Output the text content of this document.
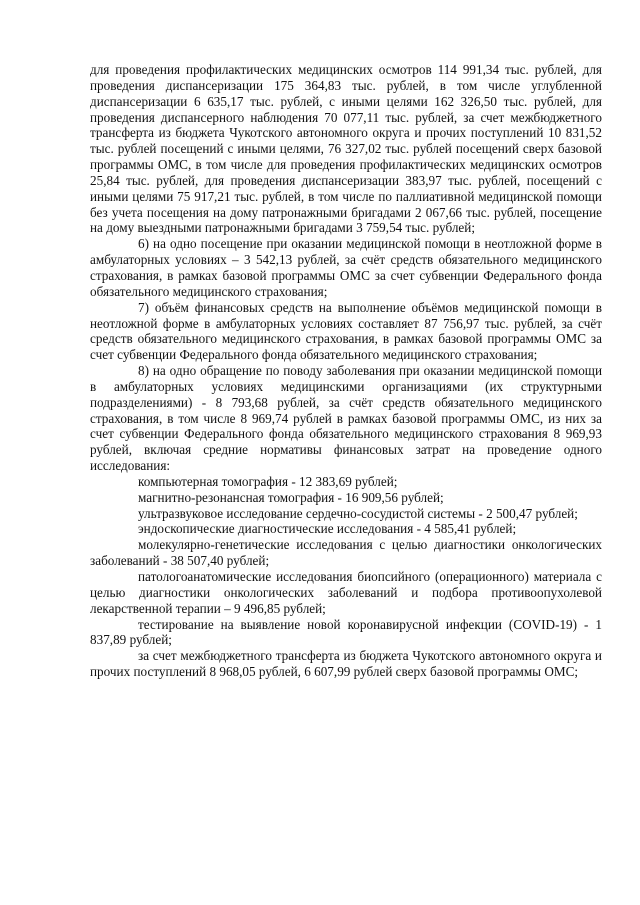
для проведения профилактических медицинских осмотров 114 991,34 тыс. рублей, для проведения диспансеризации 175 364,83 тыс. рублей, в том числе углубленной диспансеризации 6 635,17 тыс. рублей, с иными целями 162 326,50 тыс. рублей, для проведения диспансерного наблюдения 70 077,11 тыс. рублей, за счет межбюджетного трансферта из бюджета Чукотского автономного округа и прочих поступлений 10 831,52 тыс. рублей посещений с иными целями, 76 327,02 тыс. рублей посещений сверх базовой программы ОМС, в том числе для проведения профилактических медицинских осмотров 25,84 тыс. рублей, для проведения диспансеризации 383,97 тыс. рублей, посещений с иными целями 75 917,21 тыс. рублей, в том числе по паллиативной медицинской помощи без учета посещения на дому патронажными бригадами 2 067,66 тыс. рублей, посещение на дому выездными патронажными бригадами 3 759,54 тыс. рублей;

6) на одно посещение при оказании медицинской помощи в неотложной форме в амбулаторных условиях – 3 542,13 рублей, за счёт средств обязательного медицинского страхования, в рамках базовой программы ОМС за счет субвенции Федерального фонда обязательного медицинского страхования;

7) объём финансовых средств на выполнение объёмов медицинской помощи в неотложной форме в амбулаторных условиях составляет 87 756,97 тыс. рублей, за счёт средств обязательного медицинского страхования, в рамках базовой программы ОМС за счет субвенции Федерального фонда обязательного медицинского страхования;

8) на одно обращение по поводу заболевания при оказании медицинской помощи в амбулаторных условиях медицинскими организациями (их структурными подразделениями) - 8 793,68 рублей, за счёт средств обязательного медицинского страхования, в том числе 8 969,74 рублей в рамках базовой программы ОМС, из них за счет субвенции Федерального фонда обязательного медицинского страхования 8 969,93 рублей, включая средние нормативы финансовых затрат на проведение одного исследования:

компьютерная томография - 12 383,69 рублей;

магнитно-резонансная томография - 16 909,56 рублей;

ультразвуковое исследование сердечно-сосудистой системы - 2 500,47 рублей;

эндоскопические диагностические исследования - 4 585,41 рублей;

молекулярно-генетические исследования с целью диагностики онкологических заболеваний - 38 507,40 рублей;

патологоанатомические исследования биопсийного (операционного) материала с целью диагностики онкологических заболеваний и подбора противоопухолевой лекарственной терапии – 9 496,85 рублей;

тестирование на выявление новой коронавирусной инфекции (COVID-19) - 1 837,89 рублей;

за счет межбюджетного трансферта из бюджета Чукотского автономного округа и прочих поступлений 8 968,05 рублей, 6 607,99 рублей сверх базовой программы ОМС;
